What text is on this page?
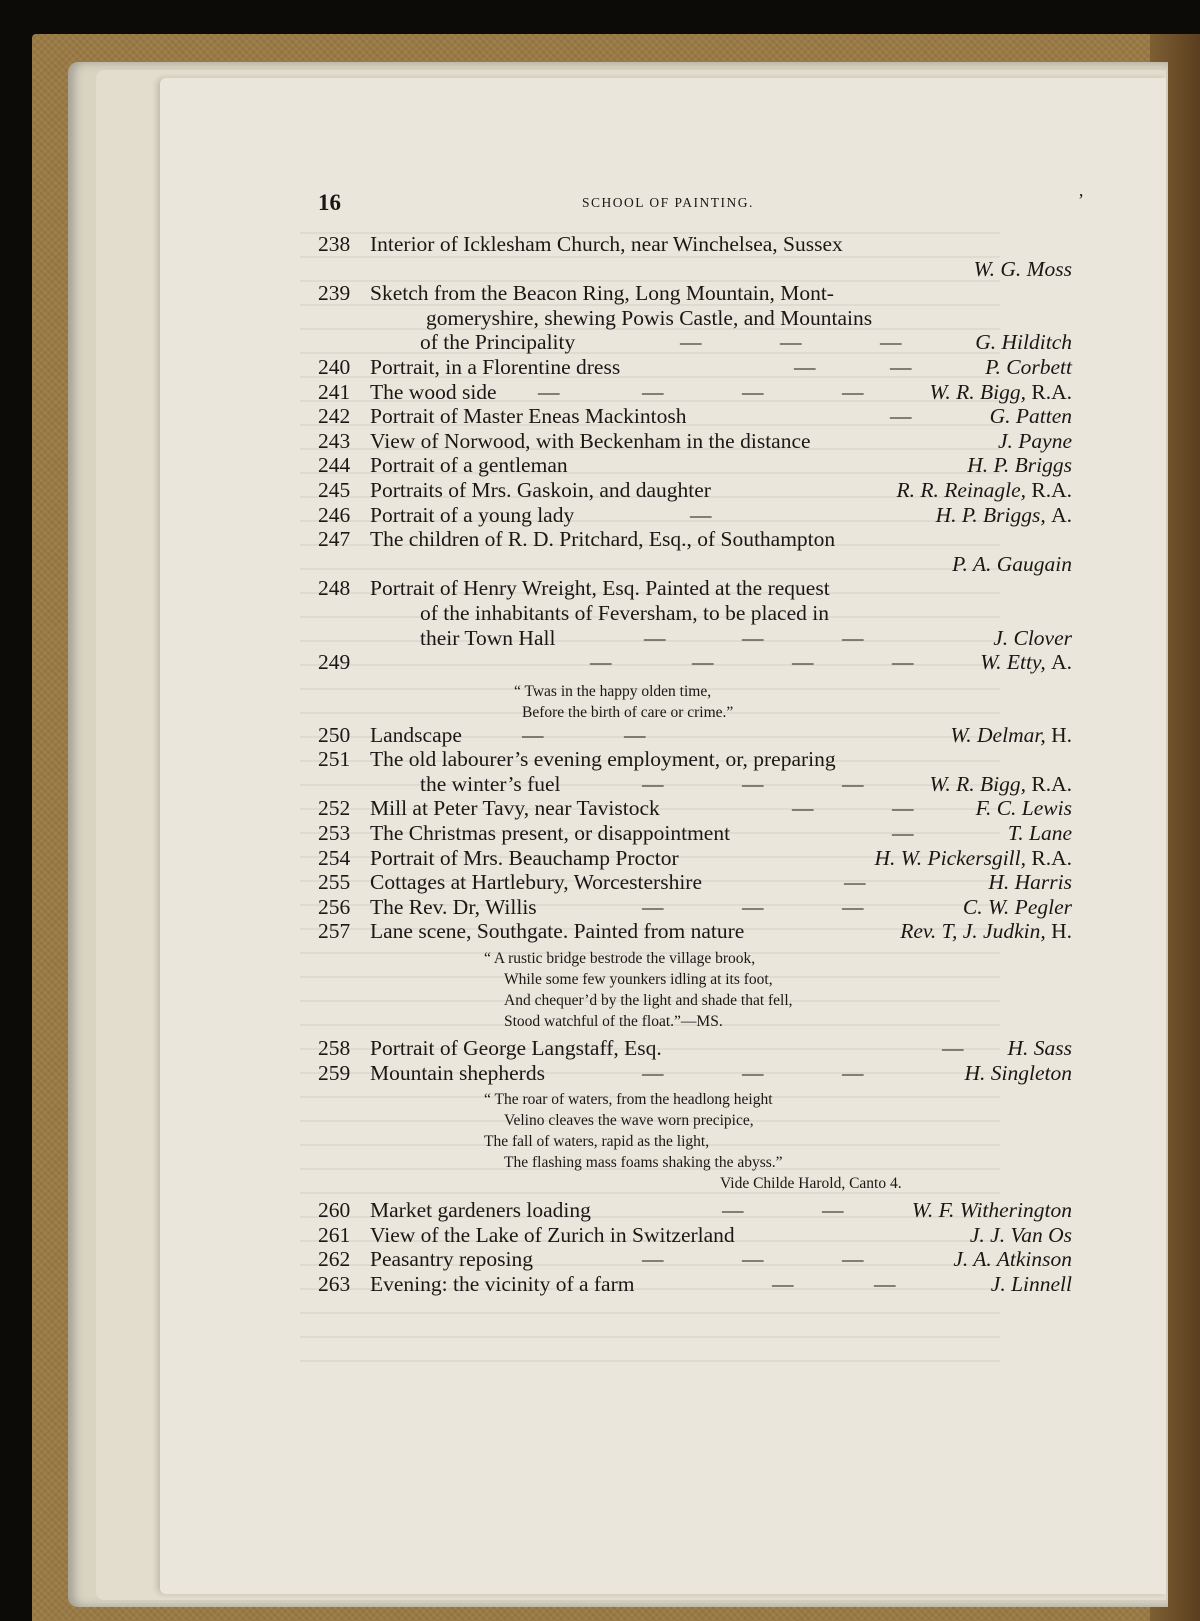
16	SCHOOL OF PAINTING.	’
238 Interior of Icklesham Church, near Winchelsea, Sussex
W. G. Moss
239 Sketch from the Beacon Ring, Long Mountain, Mont-
gomeryshire, shewing Powis Castle, and Mountains
of the Principality	—	—	—	G. Hilditch
240 Portrait, in a Florentine dress	—	—	P. Corbett
241 The wood side —	—	—	—	W. R. Bigg, R.A.
242 Portrait of Master Eneas Mackintosh	—	G. Patten
243 View of Norwood, with Beckenham in the distance	J. Payne
244 Portrait of a gentleman	H. P. Briggs
245 Portraits of Mrs. Gaskoin, and daughter	R. R. Reinagle, R.A.
246 Portrait of a young lady	—	H. P. Briggs, A.
247 The children of R. D. Pritchard, Esq., of Southampton
P. A. Gaugain
248 Portrait of Henry Wreight, Esq. Painted at the request
of the inhabitants of Feversham, to be placed in
their Town Hall	—	—	—	J. Clover
249	—	—	—	—	W. Etty, A.
“ Twas in the happy olden time,
Before the birth of care or crime.”
250 Landscape	—	—	W. Delmar, H.
251 The old labourer’s evening employment, or, preparing
the winter’s fuel	—	—	—	W. R. Bigg, R.A.
252 Mill at Peter Tavy, near Tavistock	—	—	F. C. Lewis
253 The Christmas present, or disappointment	—	T. Lane
254 Portrait of Mrs. Beauchamp Proctor	H. W. Pickersgill, R.A.
255 Cottages at Hartlebury, Worcestershire	—	H. Harris
256 The Rev. Dr, Willis	—	—	—	C. W. Pegler
257 Lane scene, Southgate. Painted from nature	Rev. T, J. Judkin, H.
“ A rustic bridge bestrode the village brook,
While some few younkers idling at its foot,
And chequer’d by the light and shade that fell,
Stood watchful of the float.”—MS.
258 Portrait of George Langstaff, Esq.	— H. Sass
259 Mountain shepherds	—	—	—	H. Singleton
“ The roar of waters, from the headlong height
Velino cleaves the wave worn precipice,
The fall of waters, rapid as the light,
The flashing mass foams shaking the abyss.”
Vide Childe Harold, Canto 4.
260 Market gardeners loading	—	—	W. F. Witherington
261 View of the Lake of Zurich in Switzerland	J. J. Van Os
262 Peasantry reposing	—	—	—	J. A. Atkinson
263 Evening: the vicinity of a farm	—	—	J. Linnell
